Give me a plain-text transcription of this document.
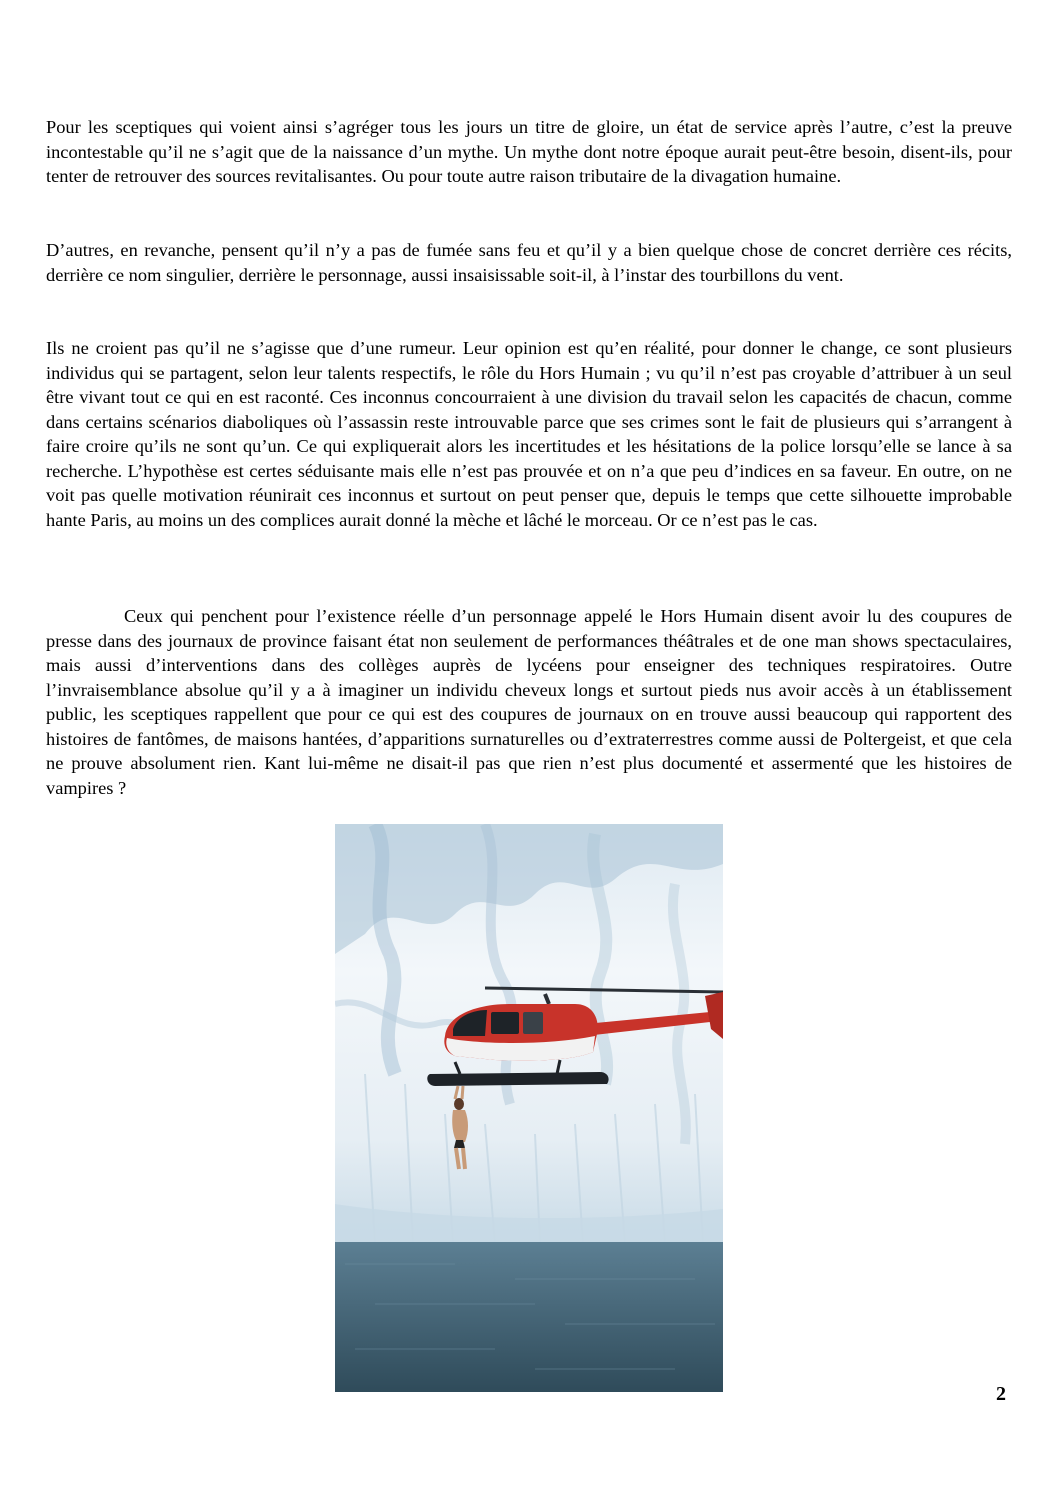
Pour les sceptiques qui voient ainsi s’agréger tous les jours un titre de gloire, un état de service après l’autre, c’est la preuve incontestable qu’il ne s’agit que de la naissance d’un mythe. Un mythe dont notre époque aurait peut-être besoin, disent-ils, pour tenter de retrouver des sources revitalisantes. Ou pour toute autre raison tributaire de la divagation humaine.

D’autres, en revanche, pensent qu’il n’y a pas de fumée sans feu et qu’il y a bien quelque chose de concret derrière ces récits, derrière ce nom singulier, derrière le personnage, aussi insaisissable soit-il, à l’instar des tourbillons du vent.

Ils ne croient pas qu’il ne s’agisse que d’une rumeur. Leur opinion est qu’en réalité, pour donner le change, ce sont plusieurs individus qui se partagent, selon leur talents respectifs, le rôle du Hors Humain ; vu qu’il n’est pas croyable d’attribuer à un seul être vivant tout ce qui en est raconté. Ces inconnus concourraient à une division du travail selon les capacités de chacun, comme dans certains scénarios diaboliques où l’assassin reste introuvable parce que ses crimes sont le fait de plusieurs qui s’arrangent à faire croire qu’ils ne sont qu’un. Ce qui expliquerait alors les incertitudes et les hésitations de la police lorsqu’elle se lance à sa recherche. L’hypothèse est certes séduisante mais elle n’est pas prouvée et on n’a que peu d’indices en sa faveur. En outre, on ne voit pas quelle motivation réunirait ces inconnus et surtout on peut penser que, depuis le temps que cette silhouette improbable hante Paris, au moins un des complices aurait donné la mèche et lâché le morceau. Or ce n’est pas le cas.

Ceux qui penchent pour l’existence réelle d’un personnage appelé le Hors Humain disent avoir lu des coupures de presse dans des journaux de province faisant état non seulement de performances théâtrales et de one man shows spectaculaires, mais aussi d’interventions dans des collèges auprès de lycéens pour enseigner des techniques respiratoires. Outre l’invraisemblance absolue qu’il y a à imaginer un individu cheveux longs et surtout pieds nus avoir accès à un établissement public, les sceptiques rappellent que pour ce qui est des coupures de journaux on en trouve aussi beaucoup qui rapportent des histoires de fantômes, de maisons hantées, d’apparitions surnaturelles ou d’extraterrestres comme aussi de Poltergeist, et que cela ne prouve absolument rien. Kant lui-même ne disait-il pas que rien n’est plus documenté et assermenté que les histoires de vampires ?

2
